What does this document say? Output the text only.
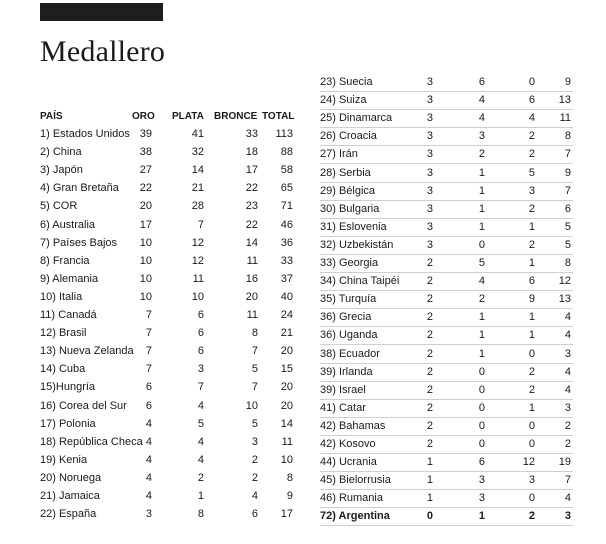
Medallero
PAÍS	ORO PLATA BRONCE TOTAL
1) Estados Unidos 39	41	33	113
2) China	38	32	18	88
3) Japón	27	14	17	58
4) Gran Bretaña	22	21	22	65
5) COR	20	28	23	71
6) Australia	17	7	22	46
7) Países Bajos	10	12	14	36
8) Francia	10	12	11	33
9) Alemania	10	11	16	37
10) Italia	10	10	20	40
11) Canadá	7	6	11	24
12) Brasil	7	6	8	21
13) Nueva Zelanda	7	6	7	20
14) Cuba	7	3	5	15
15)Hungría	6	7	7	20
16) Corea del Sur	6	4	10	20
17) Polonia	4	5	5	14
18) República Checa 4	4	3	11
19) Kenia	4	4	2	10
20) Noruega	4	2	2	8
21) Jamaica	4	1	4	9
22) España	3	8	6	17
23) Suecia	3	6	0	9
24) Suiza	3	4	6	13
25) Dinamarca	3	4	4	11
26) Croacia	3	3	2	8
27) Irán	3	2	2	7
28) Serbia	3	1	5	9
29) Bélgica	3	1	3	7
30) Bulgaria	3	1	2	6
31) Eslovenia	3	1	1	5
32) Uzbekistán	3	0	2	5
33) Georgia	2	5	1	8
34) China Taipéi	2	4	6	12
35) Turquía	2	2	9	13
36) Grecia	2	1	1	4
36) Uganda	2	1	1	4
38) Ecuador	2	1	0	3
39) Irlanda	2	0	2	4
39) Israel	2	0	2	4
41) Catar	2	0	1	3
42) Bahamas	2	0	0	2
42) Kosovo	2	0	0	2
44) Ucrania	1	6	12	19
45) Bielorrusia	1	3	3	7
46) Rumania	1	3	0	4
72) Argentina	0	1	2	3
